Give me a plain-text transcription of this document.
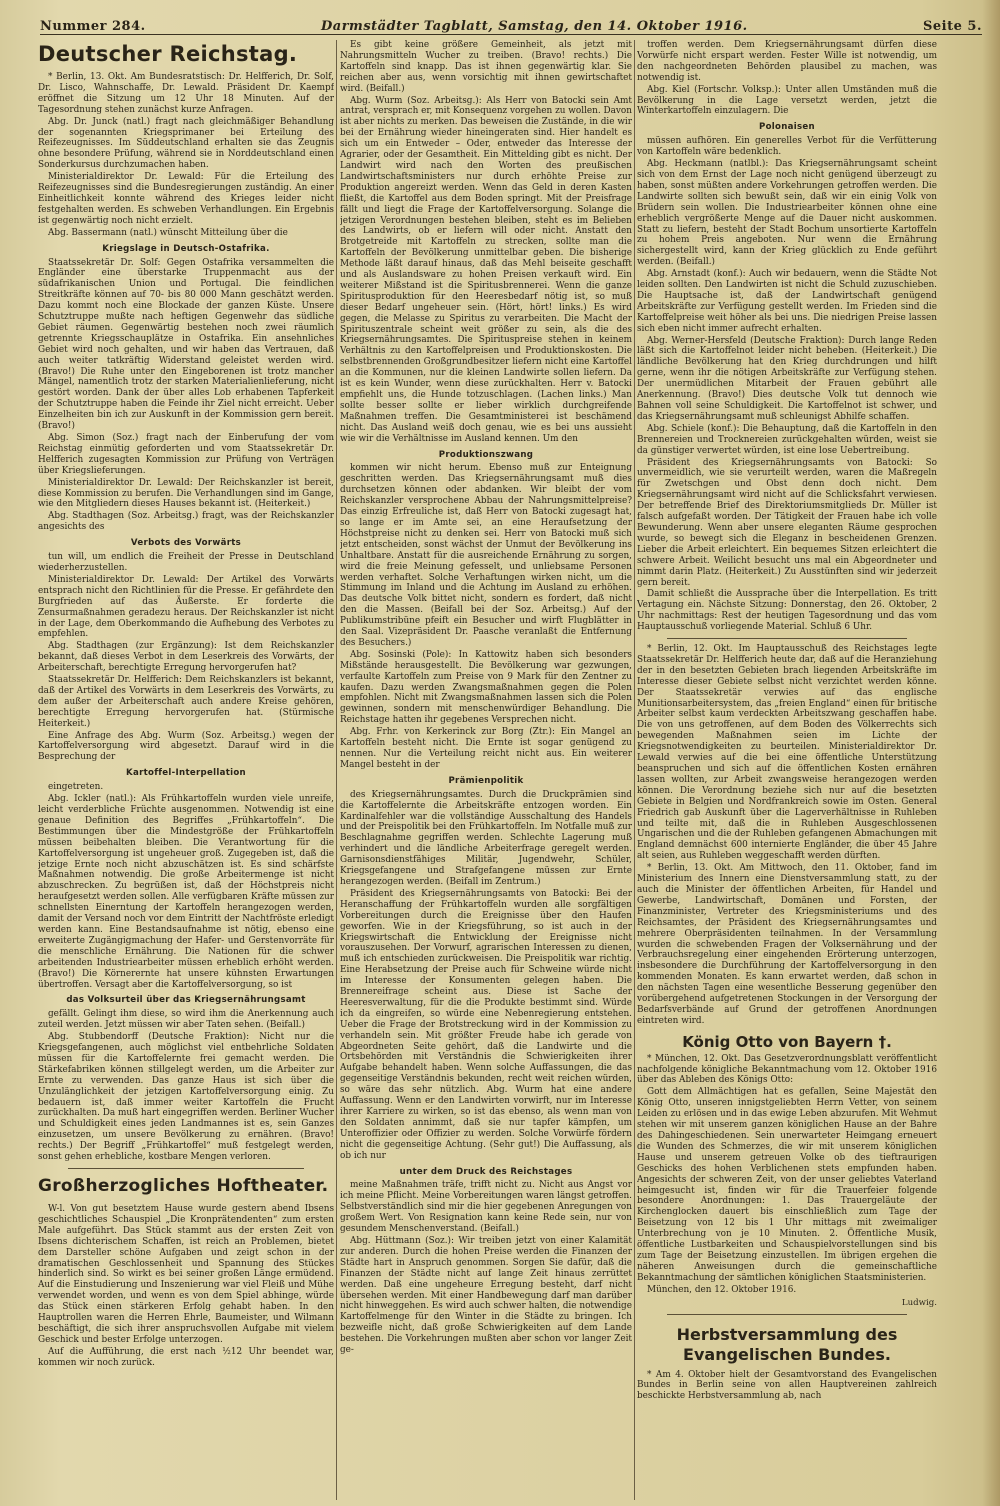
Nummer 284.	Darmstädter Tagblatt, Samstag, den 14. Oktober 1916.	Seite 5.
Deutscher Reichstag.

* Berlin, 13. Okt. Am Bundesratstisch: Dr. Helfferich, Dr. Solf, Dr. Lisco, Wahnschaffe, Dr. Lewald. Präsident Dr. Kaempf eröffnet die Sitzung um 12 Uhr 18 Minuten. Auf der Tagesordnung stehen zunächst kurze Anfragen.

Abg. Dr. Junck (natl.) fragt nach gleichmäßiger Behandlung der sogenannten Kriegsprimaner bei Erteilung des Reifezeugnisses. Im Süddeutschland erhalten sie das Zeugnis ohne besondere Prüfung, während sie in Norddeutschland einen Sonderkursus durchzumachen haben.

Ministerialdirektor Dr. Lewald: Für die Erteilung des Reifezeugnisses sind die Bundesregierungen zuständig. An einer Einheitlichkeit konnte während des Krieges leider nicht festgehalten werden. Es schweben Verhandlungen. Ein Ergebnis ist gegenwärtig noch nicht erzielt.

Abg. Bassermann (natl.) wünscht Mitteilung über die

Kriegslage in Deutsch-Ostafrika.

Staatssekretär Dr. Solf: Gegen Ostafrika versammelten die Engländer eine überstarke Truppenmacht aus der südafrikanischen Union und Portugal. Die feindlichen Streitkräfte können auf 70- bis 80 000 Mann geschätzt werden. Dazu kommt noch eine Blockade der ganzen Küste. Unsere Schutztruppe mußte nach heftigen Gegenwehr das südliche Gebiet räumen. Gegenwärtig bestehen noch zwei räumlich getrennte Kriegsschauplätze in Ostafrika. Ein ansehnliches Gebiet wird noch gehalten, und wir haben das Vertrauen, daß auch weiter tatkräftig Widerstand geleistet werden wird. (Bravo!) Die Ruhe unter den Eingeborenen ist trotz mancher Mängel, namentlich trotz der starken Materialienlieferung, nicht gestört worden. Dank der über alles Lob erhabenen Tapferkeit der Schutztruppe haben die Feinde ihr Ziel nicht erreicht. Ueber Einzelheiten bin ich zur Auskunft in der Kommission gern bereit. (Bravo!)

Abg. Simon (Soz.) fragt nach der Einberufung der vom Reichstag einmütig geforderten und vom Staatssekretär Dr. Helfferich zugesagten Kommission zur Prüfung von Verträgen über Kriegslieferungen.

Ministerialdirektor Dr. Lewald: Der Reichskanzler ist bereit, diese Kommission zu berufen. Die Verhandlungen sind im Gange, wie den Mitgliedern dieses Hauses bekannt ist. (Heiterkeit.)

Abg. Stadthagen (Soz. Arbeitsg.) fragt, was der Reichskanzler angesichts des

Verbots des Vorwärts

tun will, um endlich die Freiheit der Presse in Deutschland wiederherzustellen.

Ministerialdirektor Dr. Lewald: Der Artikel des Vorwärts entsprach nicht den Richtlinien für die Presse. Er gefährdete den Burgfrieden auf das Äußerste. Er forderte die Zensurmaßnahmen geradezu heraus. Der Reichskanzler ist nicht in der Lage, dem Oberkommando die Aufhebung des Verbotes zu empfehlen.

Abg. Stadthagen (zur Ergänzung): Ist dem Reichskanzler bekannt, daß dieses Verbot in dem Leserkreis des Vorwärts, der Arbeiterschaft, berechtigte Erregung hervorgerufen hat?

Staatssekretär Dr. Helfferich: Dem Reichskanzlers ist bekannt, daß der Artikel des Vorwärts in dem Leserkreis des Vorwärts, zu dem außer der Arbeiterschaft auch andere Kreise gehören, berechtigte Erregung hervorgerufen hat. (Stürmische Heiterkeit.)

Eine Anfrage des Abg. Wurm (Soz. Arbeitsg.) wegen der Kartoffelversorgung wird abgesetzt. Darauf wird in die Besprechung der

Kartoffel-Interpellation

eingetreten.

Abg. Ickler (natl.): Als Frühkartoffeln wurden viele unreife, leicht verderbliche Früchte ausgenommen. Notwendig ist eine genaue Definition des Begriffes „Frühkartoffeln“. Die Bestimmungen über die Mindestgröße der Frühkartoffeln müssen beibehalten bleiben. Die Verantwortung für die Kartoffelversorgung ist ungeheuer groß. Zugegeben ist, daß die jetzige Ernte noch nicht abzuschätzen ist. Es sind schärfste Maßnahmen notwendig. Die große Arbeitermenge ist nicht abzuschrecken. Zu begrüßen ist, daß der Höchstpreis nicht heraufgesetzt werden sollen. Alle verfügbaren Kräfte müssen zur schnellsten Einerntung der Kartoffeln herangezogen werden, damit der Versand noch vor dem Eintritt der Nachtfröste erledigt werden kann. Eine Bestandsaufnahme ist nötig, ebenso eine erweiterte Zugängigmachung der Hafer- und Gerstenvorräte für die menschliche Ernährung. Die Nationen für die schwer arbeitenden Industriearbeiter müssen erheblich erhöht werden. (Bravo!) Die Körnerernte hat unsere kühnsten Erwartungen übertroffen. Versagt aber die Kartoffelversorgung, so ist

das Volksurteil über das Kriegsernährungsamt

gefällt. Gelingt ihm diese, so wird ihm die Anerkennung auch zuteil werden. Jetzt müssen wir aber Taten sehen. (Beifall.)

Abg. Stubbendorff (Deutsche Fraktion): Nicht nur die Kriegsgefangenen, auch möglichst viel entbehrliche Soldaten müssen für die Kartoffelernte frei gemacht werden. Die Stärkefabriken können stillgelegt werden, um die Arbeiter zur Ernte zu verwenden. Das ganze Haus ist sich über die Unzulänglichkeit der jetzigen Kartoffelversorgung einig. Zu bedauern ist, daß immer weiter Kartoffeln die Frucht zurückhalten. Da muß hart eingegriffen werden. Berliner Wucher und Schuldigkeit eines jeden Landmannes ist es, sein Ganzes einzusetzen, um unsere Bevölkerung zu ernähren. (Bravo! rechts.) Der Begriff „Frühkartoffel“ muß festgelegt werden, sonst gehen erhebliche, kostbare Mengen verloren.

Großherzogliches Hoftheater.

W-l. Von gut besetztem Hause wurde gestern abend Ibsens geschichtliches Schauspiel „Die Kronprätendenten“ zum ersten Male aufgeführt. Das Stück stammt aus der ersten Zeit von Ibsens dichterischem Schaffen, ist reich an Problemen, bietet dem Darsteller schöne Aufgaben und zeigt schon in der dramatischen Geschlossenheit und Spannung des Stückes hinderlich sind. So wirkt es bei seiner großen Länge ermüdend. Auf die Einstudierung und Inszenierung war viel Fleiß und Mühe verwendet worden, und wenn es von dem Spiel abhinge, würde das Stück einen stärkeren Erfolg gehabt haben. In den Hauptrollen waren die Herren Ehrle, Baumeister, und Wilmann beschäftigt, die sich ihrer anspruchsvollen Aufgabe mit vielem Geschick und bester Erfolge unterzogen.

Auf die Aufführung, die erst nach ½12 Uhr beendet war, kommen wir noch zurück.

Es gibt keine größere Gemeinheit, als jetzt mit Nahrungsmitteln Wucher zu treiben. (Bravo! rechts.) Die Kartoffeln sind knapp. Das ist ihnen gegenwärtig klar. Sie reichen aber aus, wenn vorsichtig mit ihnen gewirtschaftet wird. (Beifall.)

Abg. Wurm (Soz. Arbeitsg.): Als Herr von Batocki sein Amt antrat, versprach er, mit Konsequenz vorgehen zu wollen. Davon ist aber nichts zu merken. Das beweisen die Zustände, in die wir bei der Ernährung wieder hineingeraten sind. Hier handelt es sich um ein Entweder – Oder, entweder das Interesse der Agrarier, oder der Gesamtheit. Ein Mittelding gibt es nicht. Der Landwirt wird nach den Worten des preußischen Landwirtschaftsministers nur durch erhöhte Preise zur Produktion angereizt werden. Wenn das Geld in deren Kasten fließt, die Kartoffel aus dem Boden springt. Mit der Preisfrage fällt und liegt die Frage der Kartoffelversorgung. Solange die jetzigen Verordnungen bestehen bleiben, steht es im Belieben des Landwirts, ob er liefern will oder nicht. Anstatt den Brotgetreide mit Kartoffeln zu strecken, sollte man die Kartoffeln der Bevölkerung unmittelbar geben. Die bisherige Methode läßt darauf hinaus, daß das Mehl beiseite geschafft und als Auslandsware zu hohen Preisen verkauft wird. Ein weiterer Mißstand ist die Spiritusbrennerei. Wenn die ganze Spiritusproduktion für den Heeresbedarf nötig ist, so muß dieser Bedarf ungeheuer sein. (Hört, hört! links.) Es wird gegen, die Melasse zu Spiritus zu verarbeiten. Die Macht der Spirituszentrale scheint weit größer zu sein, als die des Kriegsernährungsamtes. Die Spirituspreise stehen in keinem Verhältnis zu den Kartoffelpreisen und Produktionskosten. Die selbstbrennenden Großgrundbesitzer liefern nicht eine Kartoffel an die Kommunen, nur die kleinen Landwirte sollen liefern. Da ist es kein Wunder, wenn diese zurückhalten. Herr v. Batocki empfiehlt uns, die Hunde totzuschlagen. (Lachen links.) Man sollte besser sollte er lieber wirklich durchgreifende Maßnahmen treffen. Die Gesamtministerei ist beschämend nicht. Das Ausland weiß doch genau, wie es bei uns aussieht wie wir die Verhältnisse im Ausland kennen. Um den

Produktionszwang

kommen wir nicht herum. Ebenso muß zur Enteignung geschritten werden. Das Kriegsernährungsamt muß dies durchsetzen können oder abdanken. Wir bleibt der vom Reichskanzler versprochene Abbau der Nahrungsmittelpreise? Das einzig Erfreuliche ist, daß Herr von Batocki zugesagt hat, so lange er im Amte sei, an eine Heraufsetzung der Höchstpreise nicht zu denken sei. Herr von Batocki muß sich jetzt entscheiden, sonst wächst der Unmut der Bevölkerung ins Unhaltbare. Anstatt für die ausreichende Ernährung zu sorgen, wird die freie Meinung gefesselt, und unliebsame Personen werden verhaftet. Solche Verhaftungen wirken nicht, um die Stimmung im Inland und die Achtung im Ausland zu erhöhen. Das deutsche Volk bittet nicht, sondern es fordert, daß nicht den die Massen. (Beifall bei der Soz. Arbeitsg.) Auf der Publikumstribüne pfeift ein Besucher und wirft Flugblätter in den Saal. Vizepräsident Dr. Paasche veranlaßt die Entfernung des Besuchers.)

Abg. Sosinski (Pole): In Kattowitz haben sich besonders Mißstände herausgestellt. Die Bevölkerung war gezwungen, verfaulte Kartoffeln zum Preise von 9 Mark für den Zentner zu kaufen. Dazu werden Zwangsmaßnahmen gegen die Polen empfohlen. Nicht mit Zwangsmaßnahmen lassen sich die Polen gewinnen, sondern mit menschenwürdiger Behandlung. Die Reichstage hatten ihr gegebenes Versprechen nicht.

Abg. Frhr. von Kerkerinck zur Borg (Ztr.): Ein Mangel an Kartoffeln besteht nicht. Die Ernte ist sogar genügend zu nennen. Nur die Verteilung reicht nicht aus. Ein weiterer Mangel besteht in der

Prämienpolitik

des Kriegsernährungsamtes. Durch die Druckprämien sind die Kartoffelernte die Arbeitskräfte entzogen worden. Ein Kardinalfehler war die vollständige Ausschaltung des Handels und der Preispolitik bei den Frühkartoffeln. Im Notfalle muß zur Beschlagnahme gegriffen werden. Schlechte Lagerung muß verhindert und die ländliche Arbeiterfrage geregelt werden. Garnisonsdienstfähiges Militär, Jugendwehr, Schüler, Kriegsgefangene und Strafgefangene müssen zur Ernte herangezogen werden. (Beifall im Zentrum.)

Präsident des Kriegsernährungsamts von Batocki: Bei der Heranschaffung der Frühkartoffeln wurden alle sorgfältigen Vorbereitungen durch die Ereignisse über den Haufen geworfen. Wie in der Kriegsführung, so ist auch in der Kriegswirtschaft die Entwicklung der Ereignisse nicht vorauszusehen. Der Vorwurf, agrarischen Interessen zu dienen, muß ich entschieden zurückweisen. Die Preispolitik war richtig. Eine Herabsetzung der Preise auch für Schweine würde nicht im Interesse der Konsumenten gelegen haben. Die Brennereifrage scheint aus. Diese ist Sache der Heeresverwaltung, für die die Produkte bestimmt sind. Würde ich da eingreifen, so würde eine Nebenregierung entstehen. Ueber die Frage der Brotstreckung wird in der Kommission zu verhandeln sein. Mit größter Freude habe ich gerade von Abgeordneten Seite gehört, daß die Landwirte und die Ortsbehörden mit Verständnis die Schwierigkeiten ihrer Aufgabe behandelt haben. Wenn solche Auffassungen, die das gegenseitige Verständnis bekunden, recht weit reichen würden, so wäre das sehr nützlich. Abg. Wurm hat eine andere Auffassung. Wenn er den Landwirten vorwirft, nur im Interesse ihrer Karriere zu wirken, so ist das ebenso, als wenn man von den Soldaten annimmt, daß sie nur tapfer kämpfen, um Unteroffizier oder Offizier zu werden. Solche Vorwürfe fördern nicht die gegenseitige Achtung. (Sehr gut!) Die Auffassung, als ob ich nur

unter dem Druck des Reichstages

meine Maßnahmen träfe, trifft nicht zu. Nicht aus Angst vor ich meine Pflicht. Meine Vorbereitungen waren längst getroffen. Selbstverständlich sind mir die hier gegebenen Anregungen von großem Wert. Von Resignation kann keine Rede sein, nur von gesundem Menschenverstand. (Beifall.)

Abg. Hüttmann (Soz.): Wir treiben jetzt von einer Kalamität zur anderen. Durch die hohen Preise werden die Finanzen der Städte hart in Anspruch genommen. Sorgen Sie dafür, daß die Finanzen der Städte nicht auf lange Zeit hinaus zerrüttet werden. Daß eine ungeheure Erregung besteht, darf nicht übersehen werden. Mit einer Handbewegung darf man darüber nicht hinweggehen. Es wird auch schwer halten, die notwendige Kartoffelmenge für den Winter in die Städte zu bringen. Ich bezweifle nicht, daß große Schwierigkeiten auf dem Lande bestehen. Die Vorkehrungen mußten aber schon vor langer Zeit ge-

troffen werden. Dem Kriegsernährungsamt dürfen diese Vorwürfe nicht erspart werden. Fester Wille ist notwendig, um den nachgeordneten Behörden plausibel zu machen, was notwendig ist.

Abg. Kiel (Fortschr. Volksp.): Unter allen Umständen muß die Bevölkerung in die Lage versetzt werden, jetzt die Winterkartoffeln einzulagern. Die

Polonaisen

müssen aufhören. Ein generelles Verbot für die Verfütterung von Kartoffeln wäre bedenklich.

Abg. Heckmann (natlbl.): Das Kriegsernährungsamt scheint sich von dem Ernst der Lage noch nicht genügend überzeugt zu haben, sonst müßten andere Vorkehrungen getroffen werden. Die Landwirte sollten sich bewußt sein, daß wir ein einig Volk von Brüdern sein wollen. Die Industriearbeiter können ohne eine erheblich vergrößerte Menge auf die Dauer nicht auskommen. Statt zu liefern, besteht der Stadt Bochum unsortierte Kartoffeln zu hohem Preis angeboten. Nur wenn die Ernährung sichergestellt wird, kann der Krieg glücklich zu Ende geführt werden. (Beifall.)

Abg. Arnstadt (konf.): Auch wir bedauern, wenn die Städte Not leiden sollten. Den Landwirten ist nicht die Schuld zuzuschieben. Die Hauptsache ist, daß der Landwirtschaft genügend Arbeitskräfte zur Verfügung gestellt werden. Im Frieden sind die Kartoffelpreise weit höher als bei uns. Die niedrigen Preise lassen sich eben nicht immer aufrecht erhalten.

Abg. Werner-Hersfeld (Deutsche Fraktion): Durch lange Reden läßt sich die Kartoffelnot leider nicht beheben. (Heiterkeit.) Die ländliche Bevölkerung hat den Krieg durchdrungen und hilft gerne, wenn ihr die nötigen Arbeitskräfte zur Verfügung stehen. Der unermüdlichen Mitarbeit der Frauen gebührt alle Anerkennung. (Bravo!) Dies deutsche Volk tut dennoch wie Bahnen voll seine Schuldigkeit. Die Kartoffelnot ist schwer, und das Kriegsernährungsamt muß schleunigst Abhilfe schaffen.

Abg. Schiele (konf.): Die Behauptung, daß die Kartoffeln in den Brennereien und Trocknereien zurückgehalten würden, weist sie da günstiger verwertet würden, ist eine lose Uebertreibung.

Präsident des Kriegsernährungsamts von Batocki: So unvermeidlich, wie sie verurteilt werden, waren die Maßregeln für Zwetschgen und Obst denn doch nicht. Dem Kriegsernährungsamt wird nicht auf die Schlicksfahrt verwiesen. Der betreffende Brief des Direktoriumsmitglieds Dr. Müller ist falsch aufgefaßt worden. Der Tätigkeit der Frauen habe ich volle Bewunderung. Wenn aber unsere eleganten Räume gesprochen wurde, so bewegt sich die Eleganz in bescheidenen Grenzen. Lieber die Arbeit erleichtert. Ein bequemes Sitzen erleichtert die schwere Arbeit. Weilicht besucht uns mal ein Abgeordneter und nimmt darin Platz. (Heiterkeit.) Zu Ausstünften sind wir jederzeit gern bereit.

Damit schließt die Aussprache über die Interpellation. Es tritt Vertagung ein. Nächste Sitzung: Donnerstag, den 26. Oktober, 2 Uhr nachmittags: Rest der heutigen Tagesordnung und das vom Hauptausschuß vorliegende Material. Schluß 6 Uhr.

* Berlin, 12. Okt. Im Hauptausschuß des Reichstages legte Staatssekretär Dr. Helfferich heute dar, daß auf die Heranziehung der in den besetzten Gebieten brach liegenden Arbeitskräfte im Interesse dieser Gebiete selbst nicht verzichtet werden könne. Der Staatssekretär verwies auf das englische Munitionsarbeitersystem, das „freien England“ einen für britische Arbeiter selbst kaum verdeckten Arbeitszwang geschaffen habe. Die von uns getroffenen, auf dem Boden des Völkerrechts sich bewegenden Maßnahmen seien im Lichte der Kriegsnotwendigkeiten zu beurteilen. Ministerialdirektor Dr. Lewald verwies auf die bei eine öffentliche Unterstützung beanspruchen und sich auf die öffentlichen Kosten ernähren lassen wollten, zur Arbeit zwangsweise herangezogen werden können. Die Verordnung beziehe sich nur auf die besetzten Gebiete in Belgien und Nordfrankreich sowie im Osten. General Friedrich gab Auskunft über die Lagerverhältnisse in Ruhleben und teilte mit, daß die in Ruhleben Ausgeschlossenen Ungarischen und die der Ruhleben gefangenen Abmachungen mit England demnächst 600 internierte Engländer, die über 45 Jahre alt seien, aus Ruhleben weggeschafft werden dürften.

* Berlin, 13. Okt. Am Mittwoch, den 11. Oktober, fand im Ministerium des Innern eine Dienstversammlung statt, zu der auch die Minister der öffentlichen Arbeiten, für Handel und Gewerbe, Landwirtschaft, Domänen und Forsten, der Finanzminister, Vertreter des Kriegsministeriums und des Reichsamtes, der Präsident des Kriegsernährungsamtes und mehrere Oberpräsidenten teilnahmen. In der Versammlung wurden die schwebenden Fragen der Volksernährung und der Verbrauchsregelung einer eingehenden Erörterung unterzogen, insbesondere die Durchführung der Kartoffelversorgung in den kommenden Monaten. Es kann erwartet werden, daß schon in den nächsten Tagen eine wesentliche Besserung gegenüber den vorübergehend aufgetretenen Stockungen in der Versorgung der Bedarfsverbände auf Grund der getroffenen Anordnungen eintreten wird.

König Otto von Bayern †.

* München, 12. Okt. Das Gesetzverordnungsblatt veröffentlicht nachfolgende königliche Bekanntmachung vom 12. Oktober 1916 über das Ableben des Königs Otto:

Gott dem Allmächtigen hat es gefallen, Seine Majestät den König Otto, unseren innigstgeliebten Herrn Vetter, von seinem Leiden zu erlösen und in das ewige Leben abzurufen. Mit Wehmut stehen wir mit unserem ganzen königlichen Hause an der Bahre des Dahingeschiedenen. Sein unerwarteter Heimgang erneuert die Wunden des Schmerzes, die wir mit unserem königlichen Hause und unserem getreuen Volke ob des tieftraurigen Geschicks des hohen Verblichenen stets empfunden haben. Angesichts der schweren Zeit, von der unser geliebtes Vaterland heimgesucht ist, finden wir für die Trauerfeier folgende besondere Anordnungen: 1. Das Trauergeläute der Kirchenglocken dauert bis einschließlich zum Tage der Beisetzung von 12 bis 1 Uhr mittags mit zweimaliger Unterbrechung von je 10 Minuten. 2. Öffentliche Musik, öffentliche Lustbarkeiten und Schauspielvorstellungen sind bis zum Tage der Beisetzung einzustellen. Im übrigen ergehen die näheren Anweisungen durch die gemeinschaftliche Bekanntmachung der sämtlichen königlichen Staatsministerien.

München, den 12. Oktober 1916.

Ludwig.
Herbstversammlung des Evangelischen Bundes.

* Am 4. Oktober hielt der Gesamtvorstand des Evangelischen Bundes in Berlin seine von allen Hauptvereinen zahlreich beschickte Herbstversammlung ab, nach
